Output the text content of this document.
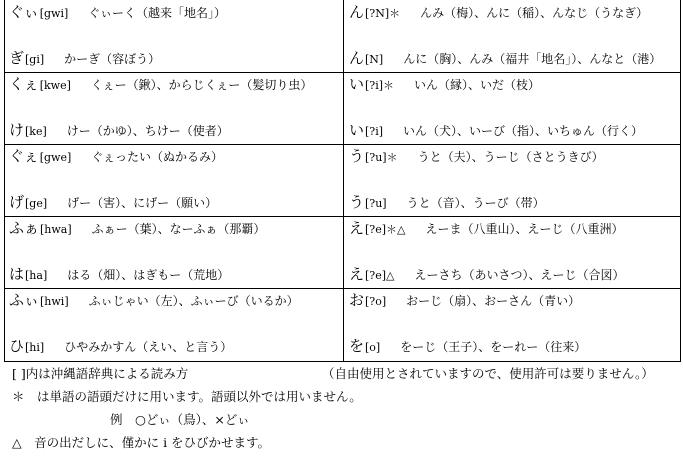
ぐぃ[gwi] ぐぃーく（越来「地名」）
ぎ[gi] かーぎ（容ぼう）
ん[?N]＊ んみ（梅）、んに（稲）、んなじ（うなぎ）
ん[N] んに（胸）、んみ（福井「地名」）、んなと（港）
くぇ[kwe] くぇー（鍬）、からじくぇー（髪切り虫）
け[ke] けー（かゆ）、ちけー（使者）
い[?i]＊ いん（縁）、いだ（枝）
い[?i] いん（犬）、いーび（指）、いちゅん（行く）
ぐぇ[gwe] ぐぇったい（ぬかるみ）
げ[ge] げー（害）、にげー（願い）
う[?u]＊ うと（夫）、うーじ（さとうきび）
う[?u] うと（音）、うーび（帯）
ふぁ[hwa] ふぁー（葉）、なーふぁ（那覇）
は[ha] はる（畑）、はぎもー（荒地）
え[?e]＊△ えーま（八重山）、えーじ（八重洲）
え[?e]△ えーさち（あいさつ）、えーじ（合図）
ふぃ[hwi] ふぃじゃい（左）、ふぃーび（いるか）
ひ[hi] ひやみかすん（えい、と言う）
お[?o] おーじ（扇）、おーさん（青い）
を[o] をーじ（王子）、をーれー（往来）
[ ]内は沖縄語辞典による読み方	（自由使用とされていますので、使用許可は要りません。）
＊　は単語の語頭だけに用います。語頭以外では用いません。
例　○どぃ（鳥）、×どぃ
△　音の出だしに、僅かに i をひびかせます。
